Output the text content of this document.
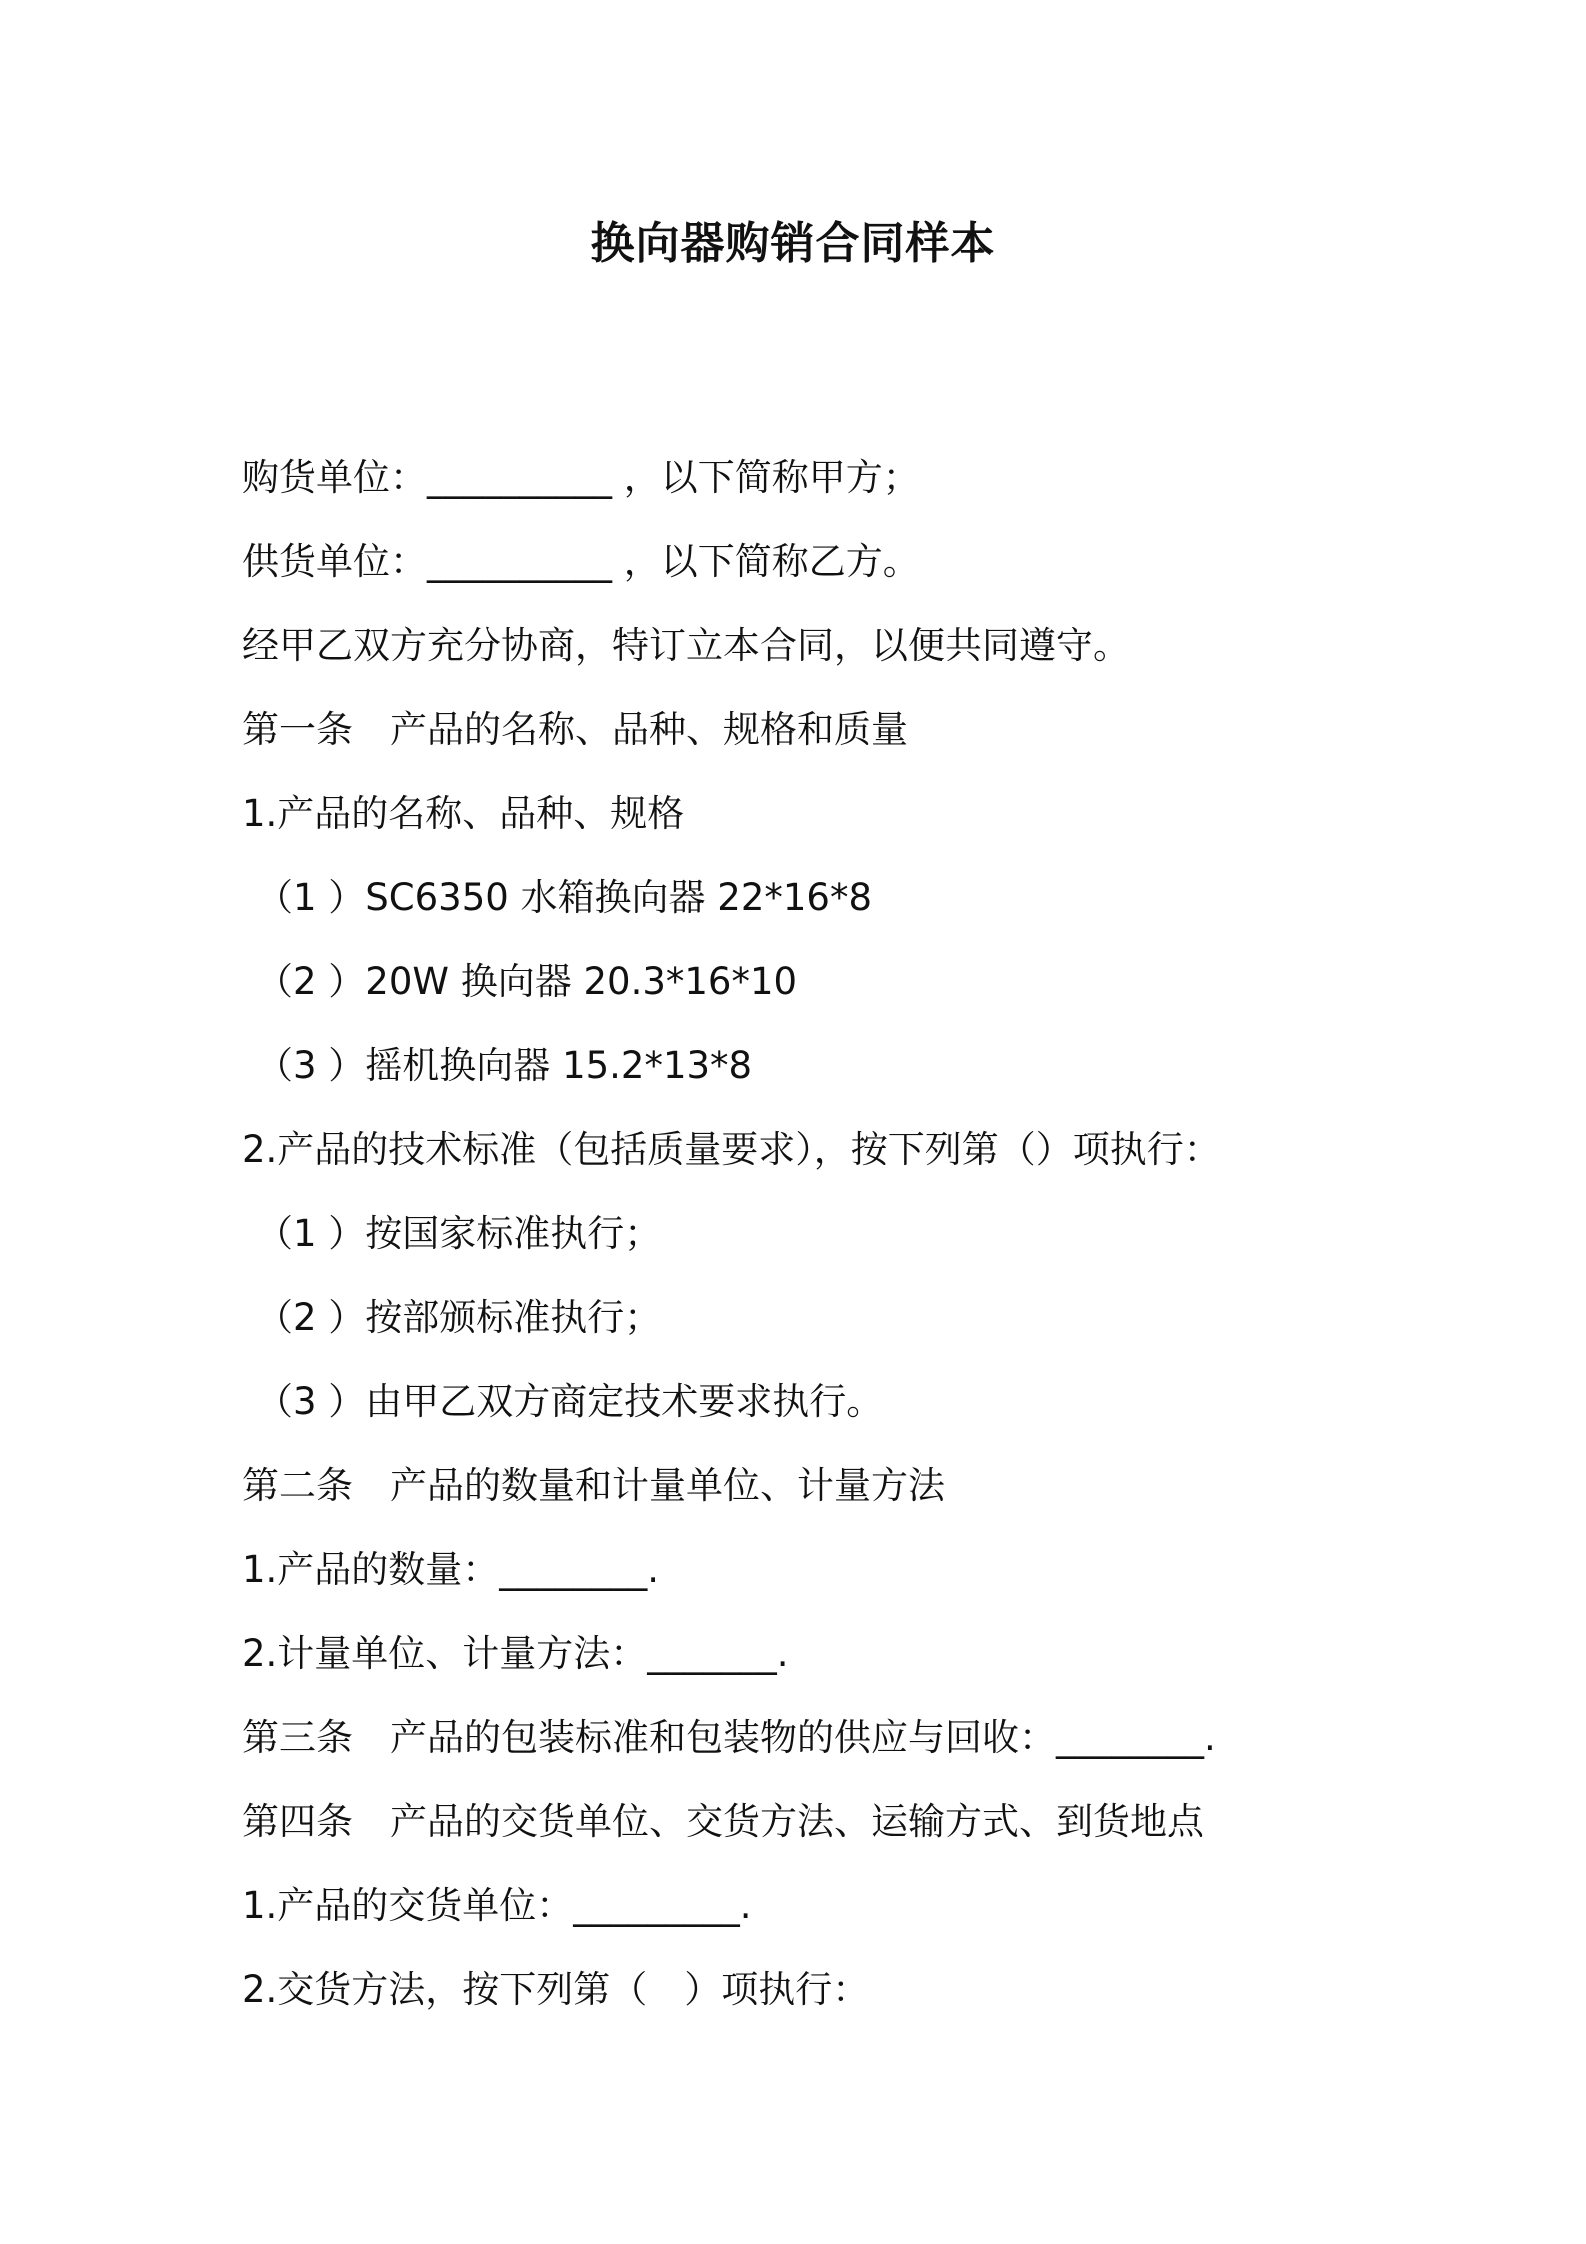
换向器购销合同样本
购货单位：__________ ，以下简称甲方；
供货单位：__________ ，以下简称乙方。
经甲乙双方充分协商，特订立本合同，以便共同遵守。
第一条　产品的名称、品种、规格和质量
1.产品的名称、品种、规格
（1 ）SC6350 水箱换向器 22*16*8
（2 ）20W 换向器 20.3*16*10
（3 ）摇机换向器 15.2*13*8
2.产品的技术标准（包括质量要求），按下列第（）项执行：
（1 ）按国家标准执行；
（2 ）按部颁标准执行；
（3 ）由甲乙双方商定技术要求执行。
第二条　产品的数量和计量单位、计量方法
1.产品的数量：________.
2.计量单位、计量方法：_______.
第三条　产品的包装标准和包装物的供应与回收：________.
第四条　产品的交货单位、交货方法、运输方式、到货地点
1.产品的交货单位：_________.
2.交货方法，按下列第（　）项执行：
